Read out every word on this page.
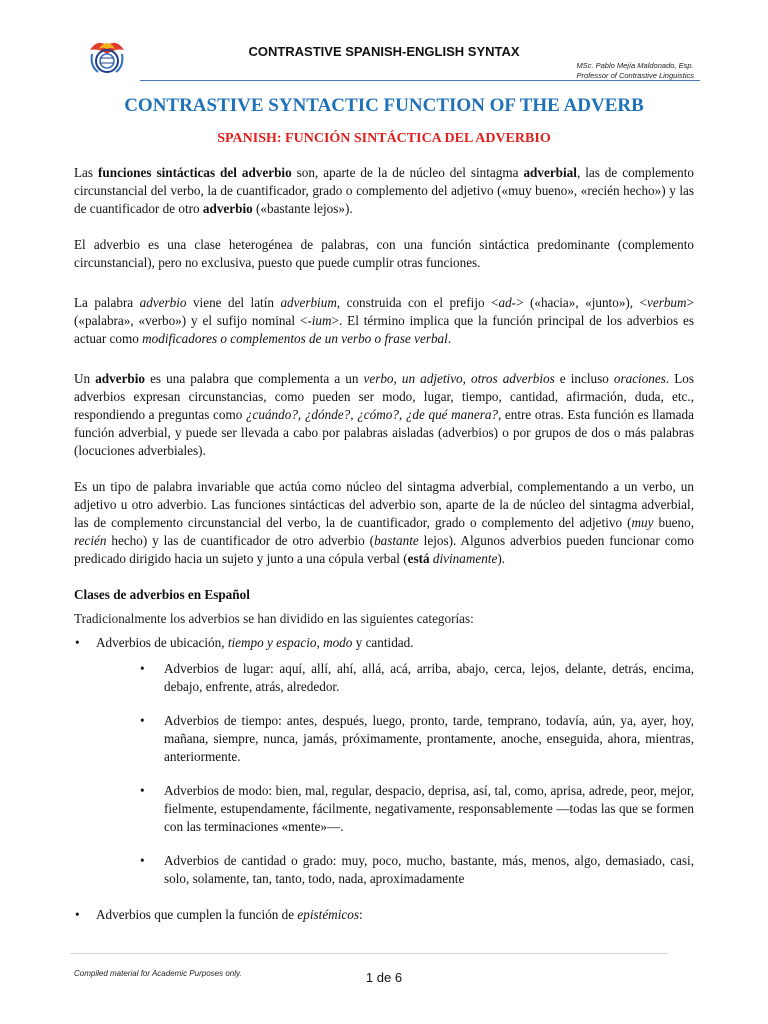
CONTRASTIVE SPANISH-ENGLISH SYNTAX
MSc. Pablo Mejía Maldonado, Esp.
Professor of Contrastive Linguistics
CONTRASTIVE SYNTACTIC FUNCTION OF THE ADVERB
SPANISH: FUNCIÓN SINTÁCTICA DEL ADVERBIO

Las funciones sintácticas del adverbio son, aparte de la de núcleo del sintagma adverbial, las de complemento circunstancial del verbo, la de cuantificador, grado o complemento del adjetivo («muy bueno», «recién hecho») y las de cuantificador de otro adverbio («bastante lejos»).

El adverbio es una clase heterogénea de palabras, con una función sintáctica predominante (complemento circunstancial), pero no exclusiva, puesto que puede cumplir otras funciones.

La palabra adverbio viene del latín adverbium, construida con el prefijo <ad-> («hacia», «junto»), <verbum> («palabra», «verbo») y el sufijo nominal <-ium>. El término implica que la función principal de los adverbios es actuar como modificadores o complementos de un verbo o frase verbal.

Un adverbio es una palabra que complementa a un verbo, un adjetivo, otros adverbios e incluso oraciones. Los adverbios expresan circunstancias, como pueden ser modo, lugar, tiempo, cantidad, afirmación, duda, etc., respondiendo a preguntas como ¿cuándo?, ¿dónde?, ¿cómo?, ¿de qué manera?, entre otras. Esta función es llamada función adverbial, y puede ser llevada a cabo por palabras aisladas (adverbios) o por grupos de dos o más palabras (locuciones adverbiales).

Es un tipo de palabra invariable que actúa como núcleo del sintagma adverbial, complementando a un verbo, un adjetivo u otro adverbio. Las funciones sintácticas del adverbio son, aparte de la de núcleo del sintagma adverbial, las de complemento circunstancial del verbo, la de cuantificador, grado o complemento del adjetivo (muy bueno, recién hecho) y las de cuantificador de otro adverbio (bastante lejos). Algunos adverbios pueden funcionar como predicado dirigido hacia un sujeto y junto a una cópula verbal (está divinamente).

Clases de adverbios en Español
Tradicionalmente los adverbios se han dividido en las siguientes categorías:
• Adverbios de ubicación, tiempo y espacio, modo y cantidad.
• Adverbios de lugar: aquí, allí, ahí, allá, acá, arriba, abajo, cerca, lejos, delante, detrás, encima, debajo, enfrente, atrás, alrededor.
• Adverbios de tiempo: antes, después, luego, pronto, tarde, temprano, todavía, aún, ya, ayer, hoy, mañana, siempre, nunca, jamás, próximamente, prontamente, anoche, enseguida, ahora, mientras, anteriormente.
• Adverbios de modo: bien, mal, regular, despacio, deprisa, así, tal, como, aprisa, adrede, peor, mejor, fielmente, estupendamente, fácilmente, negativamente, responsablemente —todas las que se formen con las terminaciones «mente»—.
• Adverbios de cantidad o grado: muy, poco, mucho, bastante, más, menos, algo, demasiado, casi, solo, solamente, tan, tanto, todo, nada, aproximadamente
• Adverbios que cumplen la función de epistémicos:
Compiled material for Academic Purposes only.	1 de 6
